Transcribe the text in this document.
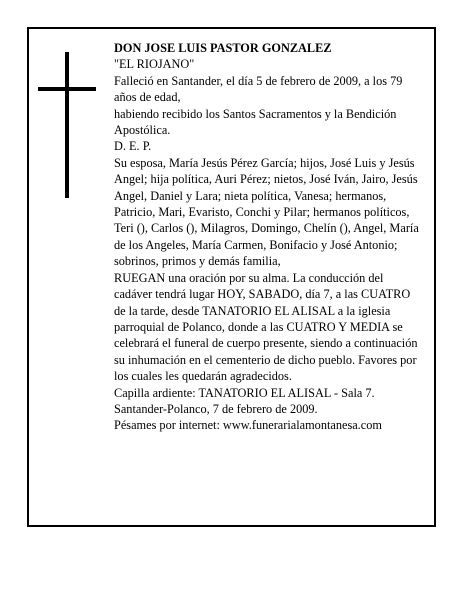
DON JOSE LUIS PASTOR GONZALEZ

"EL RIOJANO"

Falleció en Santander, el día 5 de febrero de 2009, a los 79 años de edad,

habiendo recibido los Santos Sacramentos y la Bendición Apostólica.

D. E. P.

Su esposa, María Jesús Pérez García; hijos, José Luis y Jesús Angel; hija política, Auri Pérez; nietos, José Iván, Jairo, Jesús Angel, Daniel y Lara; nieta política, Vanesa; hermanos, Patricio, Mari, Evaristo, Conchi y Pilar; hermanos políticos, Teri (), Carlos (), Milagros, Domingo, Chelín (), Angel, María de los Angeles, María Carmen, Bonifacio y José Antonio; sobrinos, primos y demás familia,

RUEGAN una oración por su alma. La conducción del cadáver tendrá lugar HOY, SABADO, día 7, a las CUATRO de la tarde, desde TANATORIO EL ALISAL a la iglesia parroquial de Polanco, donde a las CUATRO Y MEDIA se celebrará el funeral de cuerpo presente, siendo a continuación su inhumación en el cementerio de dicho pueblo. Favores por los cuales les quedarán agradecidos.

Capilla ardiente: TANATORIO EL ALISAL - Sala 7.

Santander-Polanco, 7 de febrero de 2009.

Pésames por internet: www.funerarialamontanesa.com
